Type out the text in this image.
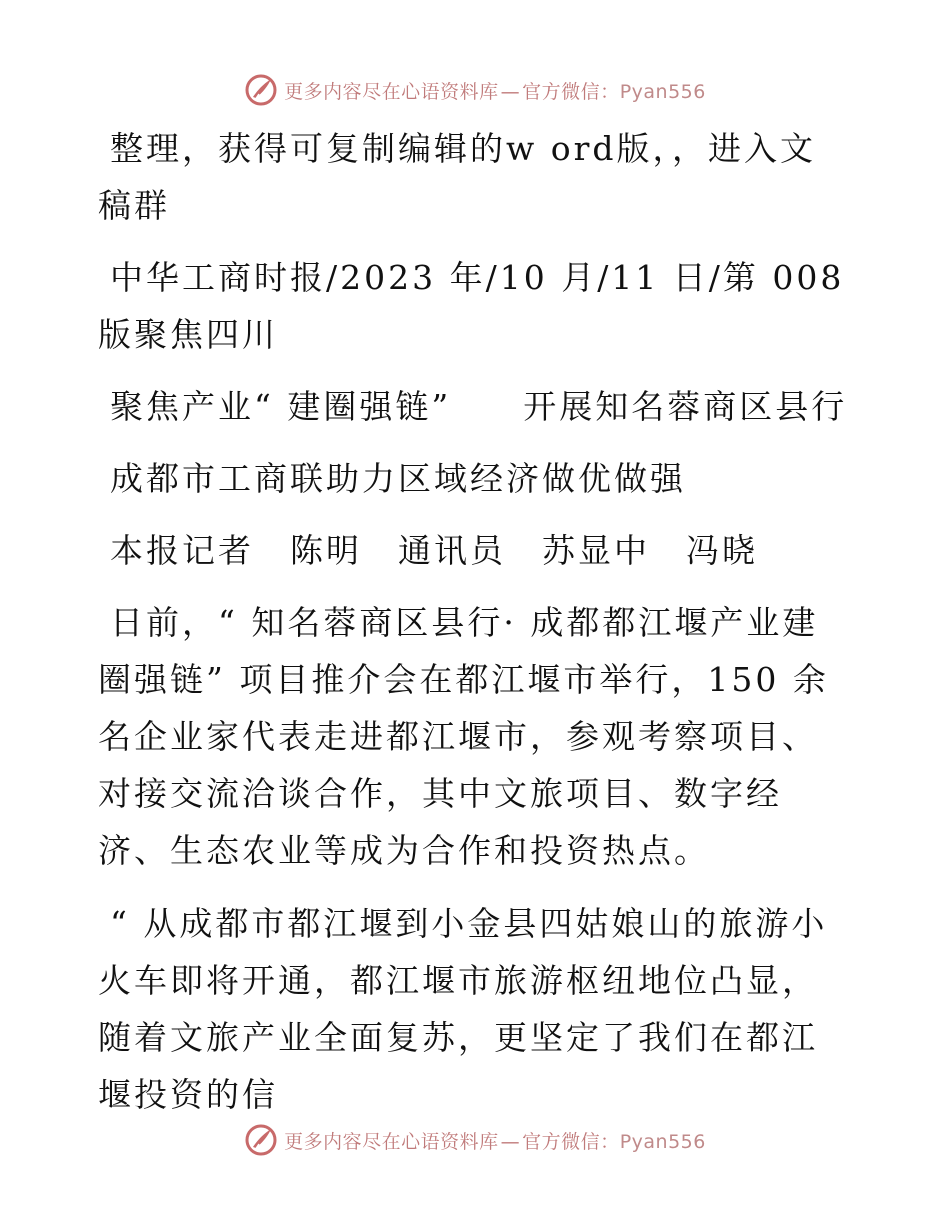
更多内容尽在心语资料库 — 官方微信：Pyan556

整理，获得可复制编辑的w ord版，，进入文稿群

中华工商时报/2023 年/10 月/11 日/第 008 版聚焦四川

聚焦产业“ 建圈强链”　　开展知名蓉商区县行

成都市工商联助力区域经济做优做强

本报记者　陈明　通讯员　苏显中　冯晓

日前，“ 知名蓉商区县行· 成都都江堰产业建圈强链” 项目推介会在都江堰市举行，150 余名企业家代表走进都江堰市，参观考察项目、对接交流洽谈合作，其中文旅项目、数字经济、生态农业等成为合作和投资热点。

“ 从成都市都江堰到小金县四姑娘山的旅游小火车即将开通，都江堰市旅游枢纽地位凸显，随着文旅产业全面复苏，更坚定了我们在都江堰投资的信

更多内容尽在心语资料库 — 官方微信：Pyan556
